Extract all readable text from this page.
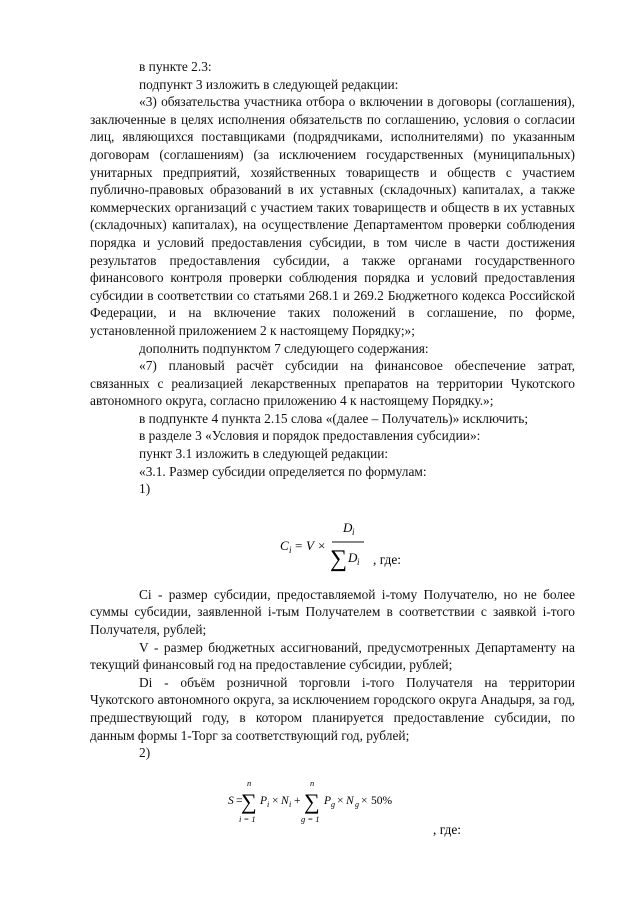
в пункте 2.3:

подпункт 3 изложить в следующей редакции:

«3) обязательства участника отбора о включении в договоры (соглашения), заключенные в целях исполнения обязательств по соглашению, условия о согласии лиц, являющихся поставщиками (подрядчиками, исполнителями) по указанным договорам (соглашениям) (за исключением государственных (муниципальных) унитарных предприятий, хозяйственных товариществ и обществ с участием публично-правовых образований в их уставных (складочных) капиталах, а также коммерческих организаций с участием таких товариществ и обществ в их уставных (складочных) капиталах), на осуществление Департаментом проверки соблюдения порядка и условий предоставления субсидии, в том числе в части достижения результатов предоставления субсидии, а также органами государственного финансового контроля проверки соблюдения порядка и условий предоставления субсидии в соответствии со статьями 268.1 и 269.2 Бюджетного кодекса Российской Федерации, и на включение таких положений в соглашение, по форме, установленной приложением 2 к настоящему Порядку;»;

дополнить подпунктом 7 следующего содержания:

«7) плановый расчёт субсидии на финансовое обеспечение затрат, связанных с реализацией лекарственных препаратов на территории Чукотского автономного округа, согласно приложению 4 к настоящему Порядку.»;

в подпункте 4 пункта 2.15 слова «(далее – Получатель)» исключить;

в разделе 3 «Условия и порядок предоставления субсидии»:

пункт 3.1 изложить в следующей редакции:

«3.1. Размер субсидии определяется по формулам:

1)

C i = V ×
D i
∑ D i , где:

Ci - размер субсидии, предоставляемой i-тому Получателю, но не более суммы субсидии, заявленной i-тым Получателем в соответствии с заявкой i-того Получателя, рублей;

V - размер бюджетных ассигнований, предусмотренных Департаменту на текущий финансовый год на предоставление субсидии, рублей;

Di - объём розничной торговли i-того Получателя на территории Чукотского автономного округа, за исключением городского округа Анадыря, за год, предшествующий году, в котором планируется предоставление субсидии, по данным формы 1-Торг за соответствующий год, рублей;

2)

S =
n
∑
i = 1
P i × N i +
n
∑
g = 1
P g × N g × 50%
, где:
